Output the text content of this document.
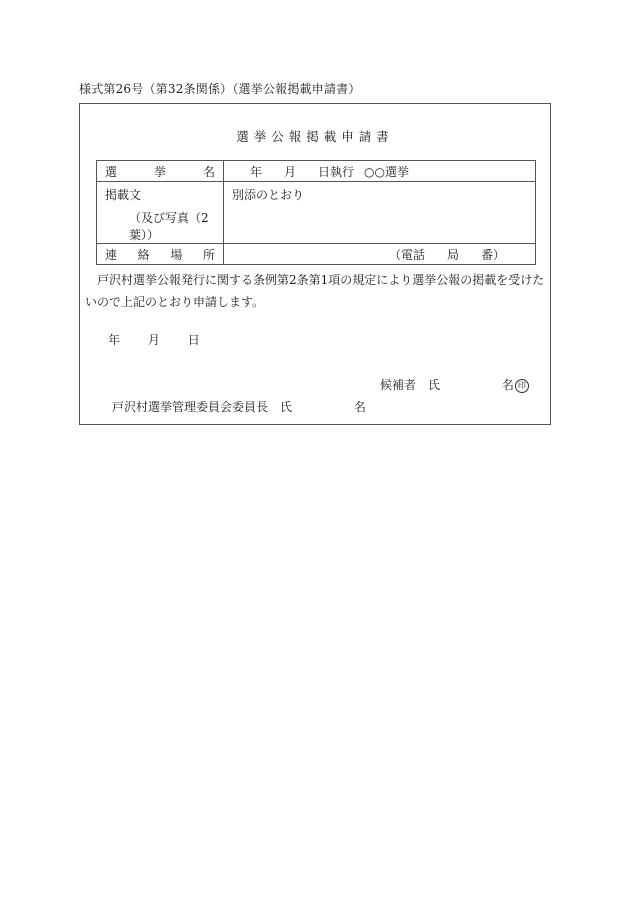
様式第26号（第32条関係）（選挙公報掲載申請書）
選挙公報掲載申請書
選 挙 名	年 月 日執行 ○○選挙

掲載文
（及び写真（2葉））	別添のとおり

連 絡 場 所	（電話 局 番）
戸沢村選挙公報発行に関する条例第2条第1項の規定により選挙公報の掲載を受けたいので上記のとおり申請します。
年 月 日
候補者　氏	名 印
戸沢村選挙管理委員会委員長　氏	名
